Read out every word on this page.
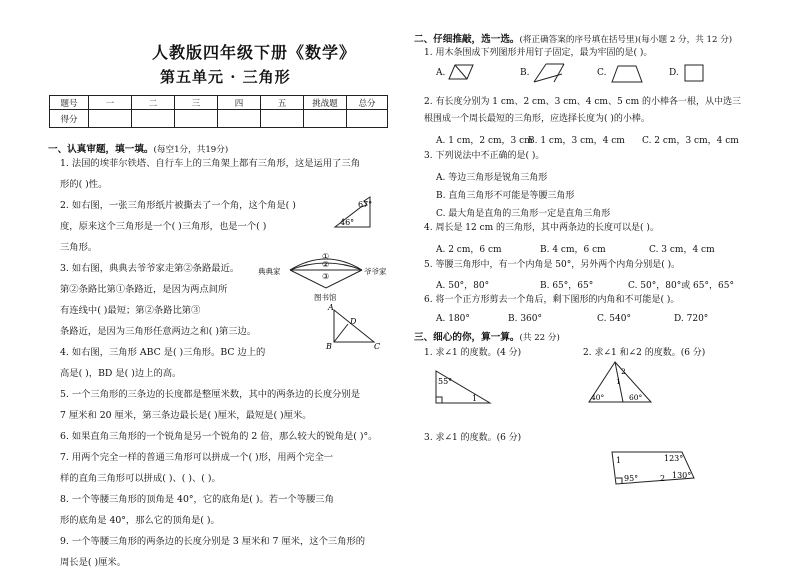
人教版四年级下册《数学》
第五单元 · 三角形
题号	一	二	三	四	五	挑战题	总分
得分							
一、认真审题，填一填。(每空1分，共19分)
1. 法国的埃菲尔铁塔、自行车上的三角架上都有三角形，这是运用了三角
形的( )性。
2. 如右图，一张三角形纸片被撕去了一个角，这个角是( )
度，原来这个三角形是一个( )三角形，也是一个( )
三角形。
3. 如右图，典典去爷爷家走第②条路最近。
第②条路比第①条路近，是因为两点间所
有连线中( )最短；第②条路比第③
条路近，是因为三角形任意两边之和( )第三边。
4. 如右图，三角形 ABC 是( )三角形。BC 边上的
高是( )，BD 是( )边上的高。
5. 一个三角形的三条边的长度都是整厘米数，其中的两条边的长度分别是
7 厘米和 20 厘米，第三条边最长是( )厘米，最短是( )厘米。
6. 如果直角三角形的一个锐角是另一个锐角的 2 倍，那么较大的锐角是( )°。
7. 用两个完全一样的普通三角形可以拼成一个( )形，用两个完全一
样的直角三角形可以拼成( )、( )、( )。
8. 一个等腰三角形的顶角是 40°，它的底角是( )。若一个等腰三角
形的底角是 40°，那么它的顶角是( )。
9. 一个等腰三角形的两条边的长度分别是 3 厘米和 7 厘米，这个三角形的
周长是( )厘米。
67°
46°
①
②
③
典典家	爷爷家
图书馆
A
D
B	C
二、仔细推敲，选一选。(将正确答案的序号填在括号里)(每小题 2 分，共 12 分)
1. 用木条围成下列图形并用钉子固定，最为牢固的是( )。
A.	B.	C.	D.
2. 有长度分别为 1 cm、2 cm、3 cm、4 cm、5 cm 的小棒各一根，从中选三
根围成一个周长最短的三角形，应选择长度为( )的小棒。
A. 1 cm，2 cm，3 cm
B. 1 cm，3 cm，4 cm C. 2 cm，3 cm，4 cm
3. 下列说法中不正确的是( )。
A. 等边三角形是锐角三角形
B. 直角三角形不可能是等腰三角形
C. 最大角是直角的三角形一定是直角三角形
4. 周长是 12 cm 的三角形，其中两条边的长度可以是( )。
A. 2 cm，6 cm	B. 4 cm，6 cm	C. 3 cm，4 cm
5. 等腰三角形中，有一个内角是 50°，另外两个内角分别是( )。
A. 50°，80°	B. 65°，65°	C. 50°，80°或 65°，65°
6. 将一个正方形剪去一个角后，剩下图形的内角和不可能是( )。
A. 180°	B. 360°	C. 540°	D. 720°
三、细心的你，算一算。(共 22 分)
1. 求∠1 的度数。(4 分)	2. 求∠1 和∠2 的度数。(6 分)
55°
1
2
1
40°	60°
3. 求∠1 的度数。(6 分)
1	123°
95°	2 130°
